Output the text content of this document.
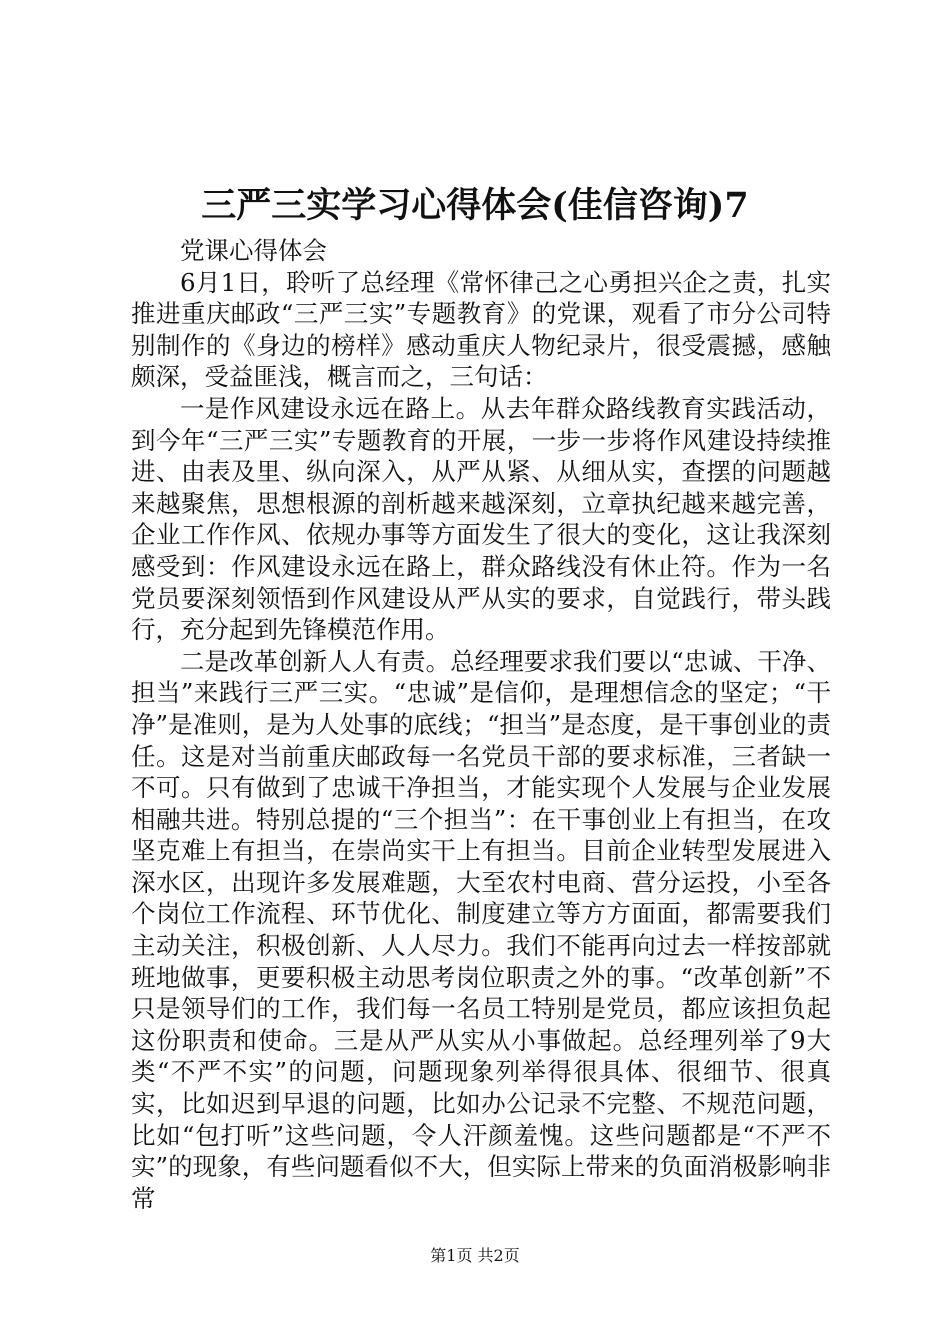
三严三实学习心得体会(佳信咨询)7

党课心得体会

6月1日，聆听了总经理《常怀律己之心勇担兴企之责，扎实推进重庆邮政“三严三实”专题教育》的党课，观看了市分公司特别制作的《身边的榜样》感动重庆人物纪录片，很受震撼，感触颇深，受益匪浅，概言而之，三句话：

一是作风建设永远在路上。从去年群众路线教育实践活动，到今年“三严三实”专题教育的开展，一步一步将作风建设持续推进、由表及里、纵向深入，从严从紧、从细从实，查摆的问题越来越聚焦，思想根源的剖析越来越深刻，立章执纪越来越完善，企业工作作风、依规办事等方面发生了很大的变化，这让我深刻感受到：作风建设永远在路上，群众路线没有休止符。作为一名党员要深刻领悟到作风建设从严从实的要求，自觉践行，带头践行，充分起到先锋模范作用。

二是改革创新人人有责。总经理要求我们要以“忠诚、干净、担当”来践行三严三实。“忠诚”是信仰，是理想信念的坚定；“干净”是准则，是为人处事的底线；“担当”是态度，是干事创业的责任。这是对当前重庆邮政每一名党员干部的要求标准，三者缺一不可。只有做到了忠诚干净担当，才能实现个人发展与企业发展相融共进。特别总提的“三个担当”：在干事创业上有担当，在攻坚克难上有担当，在崇尚实干上有担当。目前企业转型发展进入深水区，出现许多发展难题，大至农村电商、营分运投，小至各个岗位工作流程、环节优化、制度建立等方方面面，都需要我们主动关注，积极创新、人人尽力。我们不能再向过去一样按部就班地做事，更要积极主动思考岗位职责之外的事。“改革创新”不只是领导们的工作，我们每一名员工特别是党员，都应该担负起这份职责和使命。三是从严从实从小事做起。总经理列举了9大类“不严不实”的问题，问题现象列举得很具体、很细节、很真实，比如迟到早退的问题，比如办公记录不完整、不规范问题，比如“包打听”这些问题，令人汗颜羞愧。这些问题都是“不严不实”的现象，有些问题看似不大，但实际上带来的负面消极影响非常

第1页 共2页
